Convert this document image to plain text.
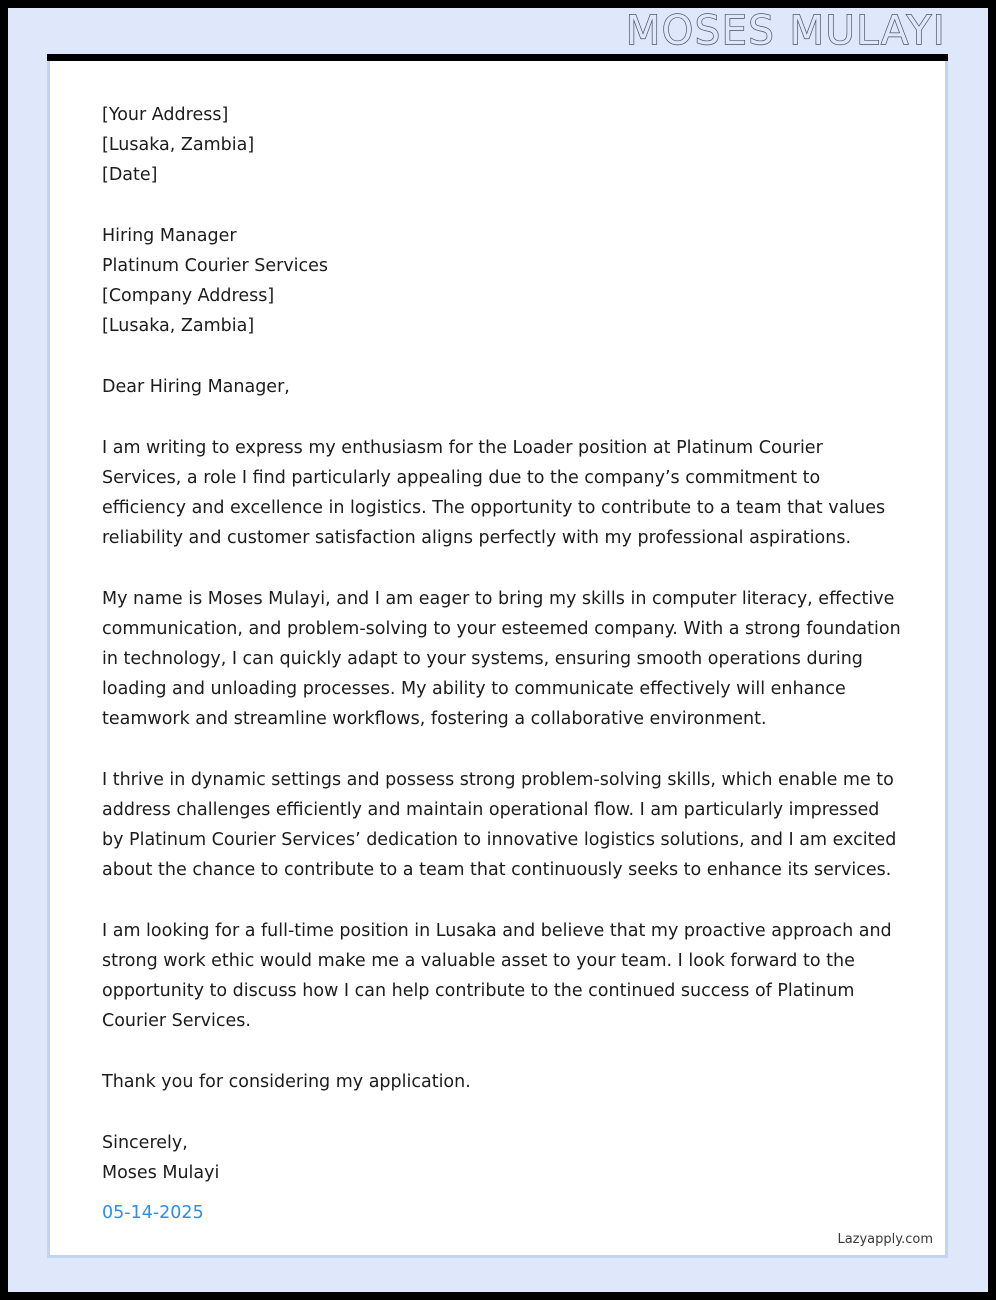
MOSES MULAYI
[Your Address]
[Lusaka, Zambia]
[Date]
Hiring Manager
Platinum Courier Services
[Company Address]
[Lusaka, Zambia]
Dear Hiring Manager,

I am writing to express my enthusiasm for the Loader position at Platinum Courier Services, a role I find particularly appealing due to the company’s commitment to efficiency and excellence in logistics. The opportunity to contribute to a team that values reliability and customer satisfaction aligns perfectly with my professional aspirations.

My name is Moses Mulayi, and I am eager to bring my skills in computer literacy, effective communication, and problem-solving to your esteemed company. With a strong foundation in technology, I can quickly adapt to your systems, ensuring smooth operations during loading and unloading processes. My ability to communicate effectively will enhance teamwork and streamline workflows, fostering a collaborative environment.

I thrive in dynamic settings and possess strong problem-solving skills, which enable me to address challenges efficiently and maintain operational flow. I am particularly impressed by Platinum Courier Services’ dedication to innovative logistics solutions, and I am excited about the chance to contribute to a team that continuously seeks to enhance its services.

I am looking for a full-time position in Lusaka and believe that my proactive approach and strong work ethic would make me a valuable asset to your team. I look forward to the opportunity to discuss how I can help contribute to the continued success of Platinum Courier Services.

Thank you for considering my application.

Sincerely,
Moses Mulayi
05-14-2025
Lazyapply.com
